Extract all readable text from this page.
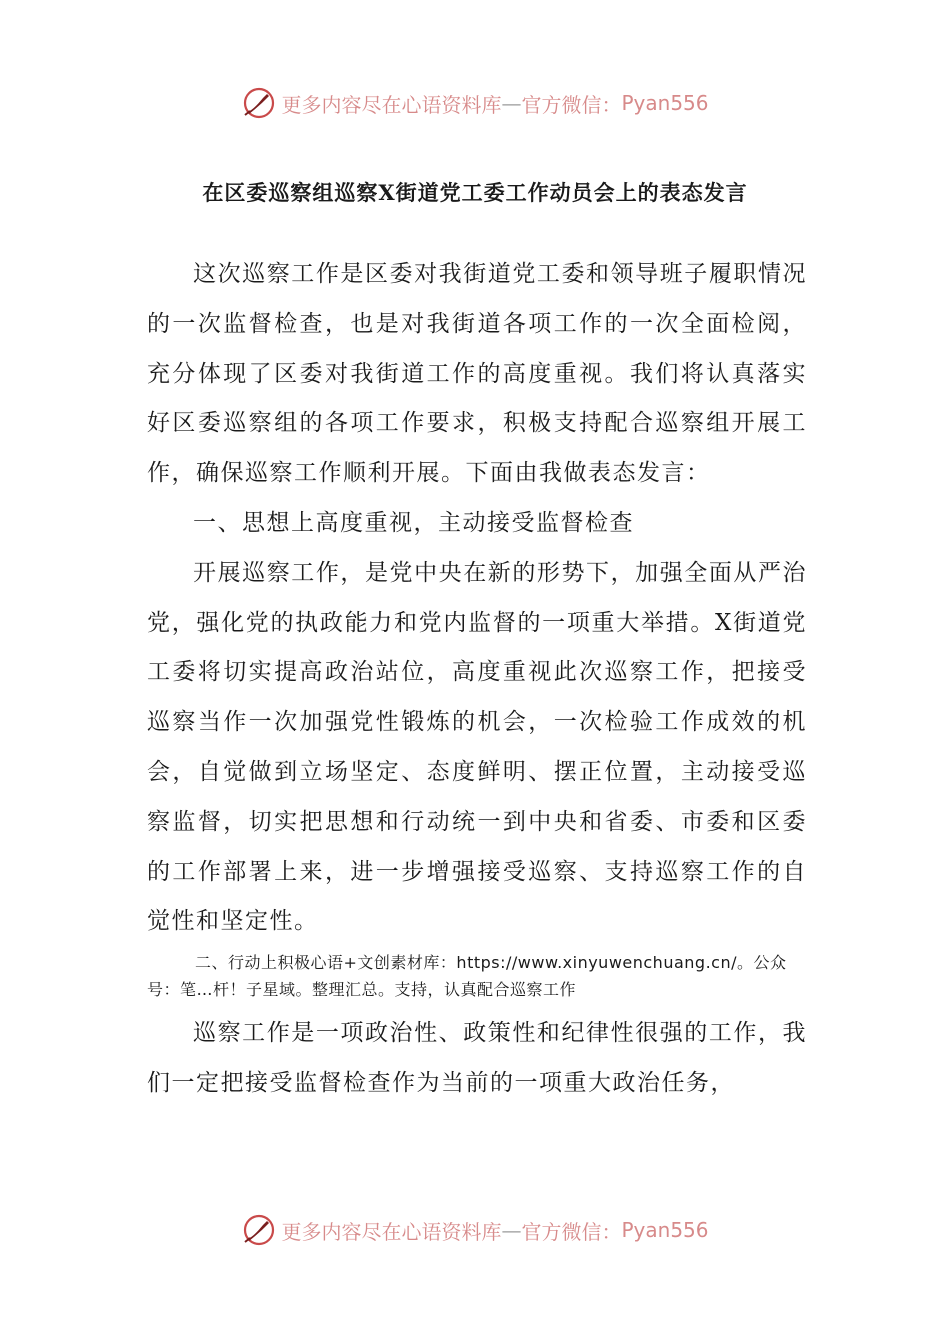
更多内容尽在心语资料库 — 官方微信： Pyan556
在区委巡察组巡察X街道党工委工作动员会上的表态发言

这次巡察工作是区委对我街道党工委和领导班子履职情况的一次监督检查，也是对我街道各项工作的一次全面检阅，充分体现了区委对我街道工作的高度重视。我们将认真落实好区委巡察组的各项工作要求，积极支持配合巡察组开展工作，确保巡察工作顺利开展。下面由我做表态发言：

一、思想上高度重视，主动接受监督检查

开展巡察工作，是党中央在新的形势下，加强全面从严治党，强化党的执政能力和党内监督的一项重大举措。X街道党工委将切实提高政治站位，高度重视此次巡察工作，把接受巡察当作一次加强党性锻炼的机会，一次检验工作成效的机会，自觉做到立场坚定、态度鲜明、摆正位置，主动接受巡察监督，切实把思想和行动统一到中央和省委、市委和区委的工作部署上来，进一步增强接受巡察、支持巡察工作的自觉性和坚定性。

二、行动上积极心语+文创素材库：https://www.xinyuwenchuang.cn/。公众号：笔…杆！子星域。整理汇总。支持，认真配合巡察工作

巡察工作是一项政治性、政策性和纪律性很强的工作，我们一定把接受监督检查作为当前的一项重大政治任务，

更多内容尽在心语资料库 — 官方微信： Pyan556
